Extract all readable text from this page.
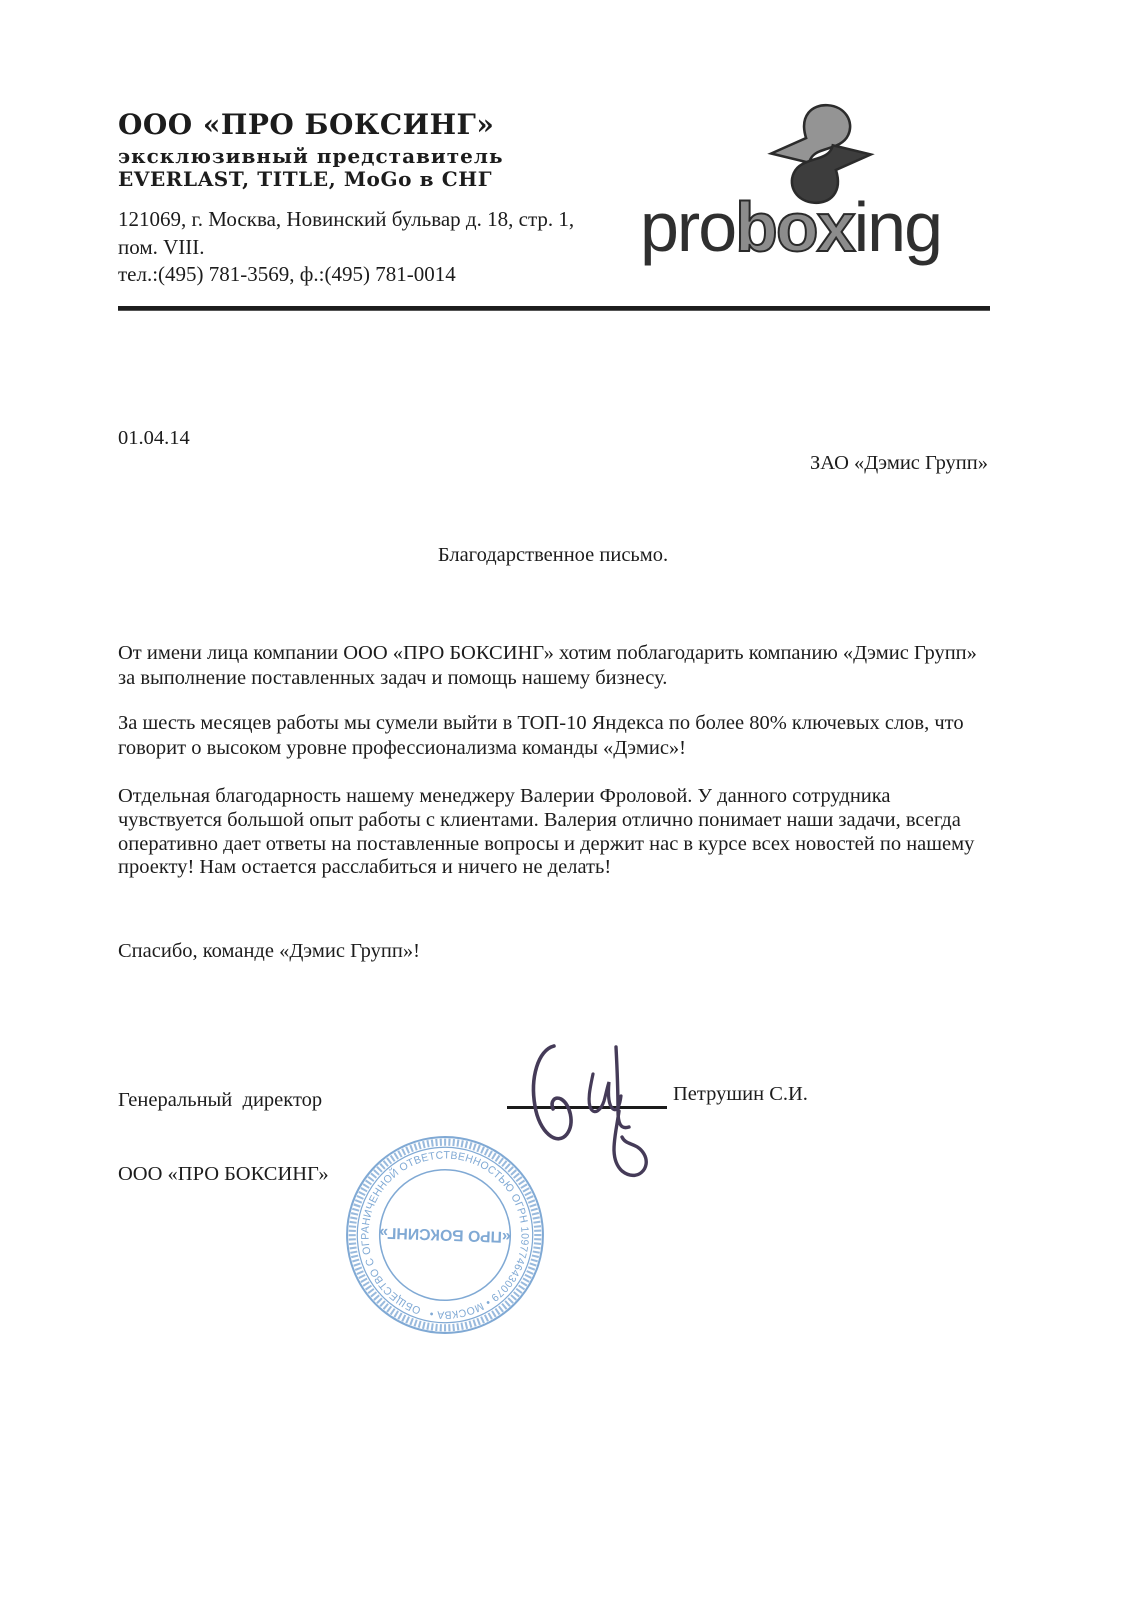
ООО «ПРО БОКСИНГ»
эксклюзивный представитель
EVERLAST, TITLE, MoGo в СНГ
121069, г. Москва, Новинский бульвар д. 18, стр. 1,
пом. VIII.
тел.:(495) 781-3569, ф.:(495) 781-0014
proboxing
01.04.14
ЗАО «Дэмис Групп»
Благодарственное письмо.
От имени лица компании ООО «ПРО БОКСИНГ» хотим поблагодарить компанию «Дэмис Групп»
за выполнение поставленных задач и помощь нашему бизнесу.
За шесть месяцев работы мы сумели выйти в ТОП-10 Яндекса по более 80% ключевых слов, что
говорит о высоком уровне профессионализма команды «Дэмис»!
Отдельная благодарность нашему менеджеру Валерии Фроловой. У данного сотрудника
чувствуется большой опыт работы с клиентами. Валерия отлично понимает наши задачи, всегда
оперативно дает ответы на поставленные вопросы и держит нас в курсе всех новостей по нашему
проекту! Нам остается расслабиться и ничего не делать!
Спасибо, команде «Дэмис Групп»!

Генеральный  директор

ООО «ПРО БОКСИНГ»

Петрушин С.И.
ОБЩЕСТВО С ОГРАНИЧЕННОЙ ОТВЕТСТВЕННОСТЬЮ ОГРН 1097746430079 • МОСКВА •
«ПРО БОКСИНГ»
